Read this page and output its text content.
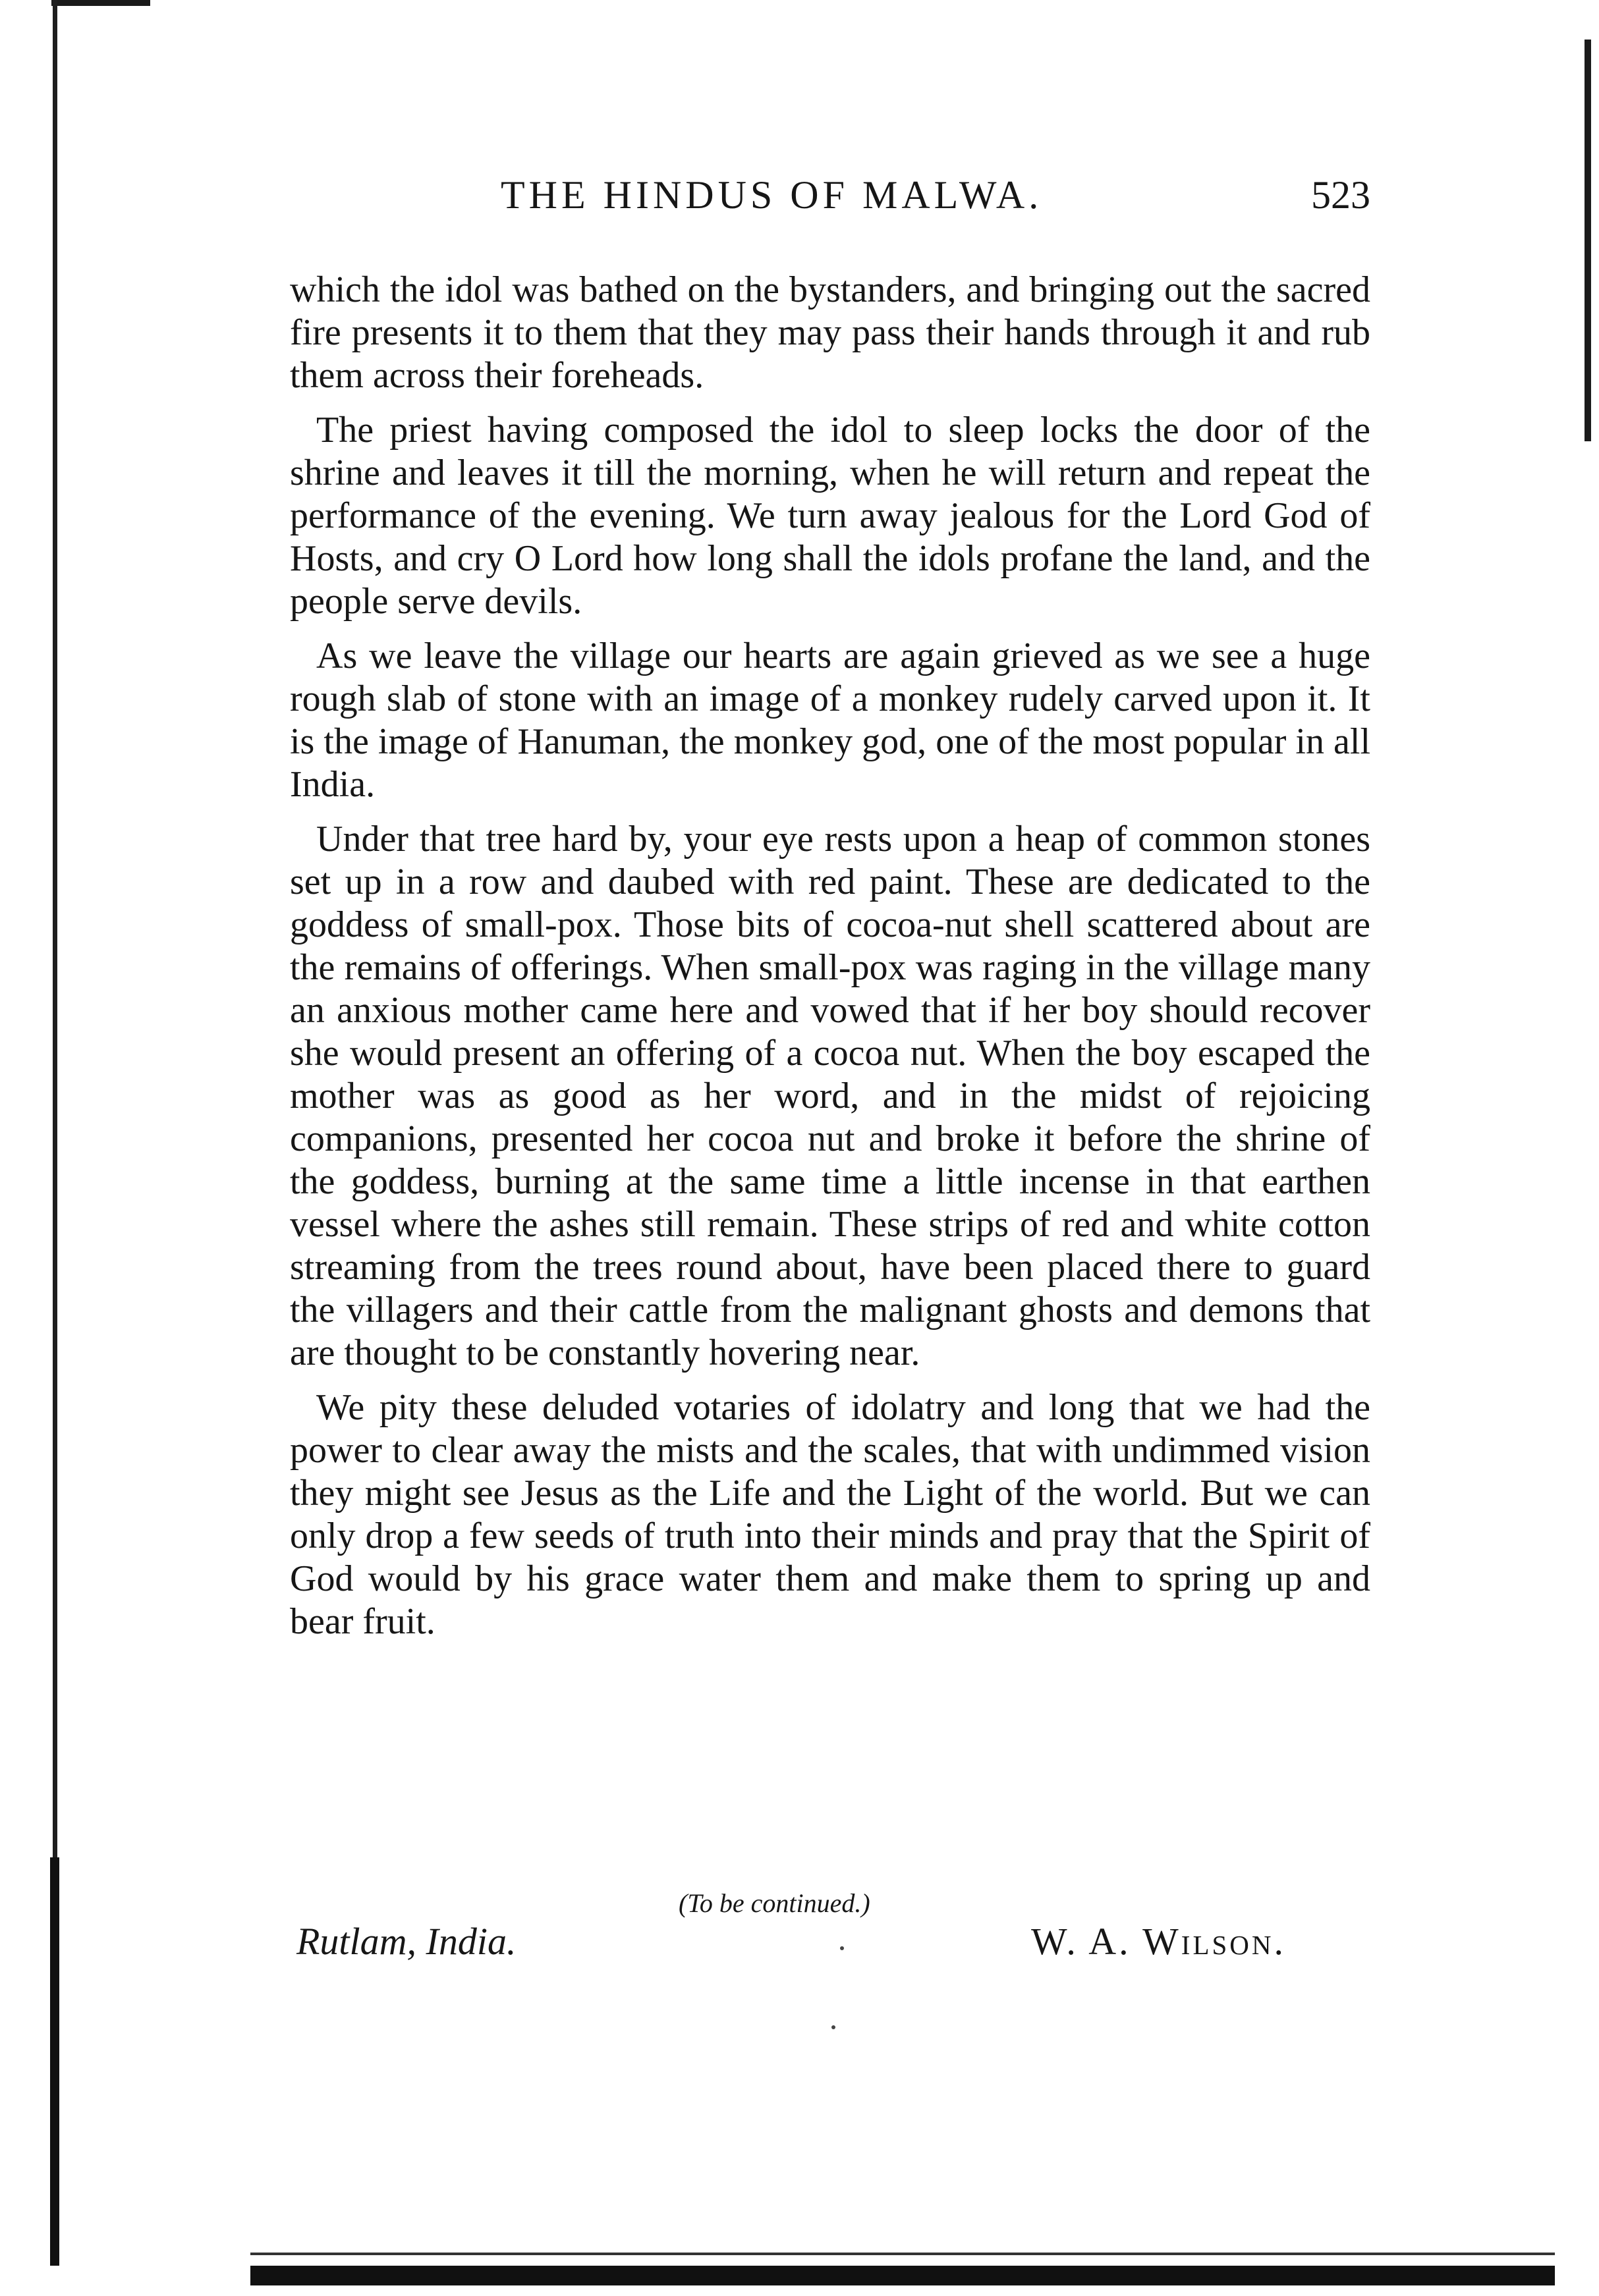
THE HINDUS OF MALWA.	523

which the idol was bathed on the bystanders, and bringing out the sacred fire presents it to them that they may pass their hands through it and rub them across their foreheads.

The priest having composed the idol to sleep locks the door of the shrine and leaves it till the morning, when he will return and repeat the performance of the evening. We turn away jealous for the Lord God of Hosts, and cry O Lord how long shall the idols profane the land, and the people serve devils.

As we leave the village our hearts are again grieved as we see a huge rough slab of stone with an image of a monkey rudely carved upon it. It is the image of Hanuman, the monkey god, one of the most popular in all India.

Under that tree hard by, your eye rests upon a heap of common stones set up in a row and daubed with red paint. These are dedicated to the goddess of small-pox. Those bits of cocoa-nut shell scattered about are the remains of offerings. When small-pox was raging in the village many an anxious mother came here and vowed that if her boy should recover she would present an offering of a cocoa nut. When the boy escaped the mother was as good as her word, and in the midst of rejoicing companions, presented her cocoa nut and broke it before the shrine of the goddess, burning at the same time a little incense in that earthen vessel where the ashes still remain. These strips of red and white cotton streaming from the trees round about, have been placed there to guard the villagers and their cattle from the malignant ghosts and demons that are thought to be constantly hovering near.

We pity these deluded votaries of idolatry and long that we had the power to clear away the mists and the scales, that with undimmed vision they might see Jesus as the Life and the Light of the world. But we can only drop a few seeds of truth into their minds and pray that the Spirit of God would by his grace water them and make them to spring up and bear fruit.

(To be continued.)
Rutlam, India.	W. A. Wilson.
